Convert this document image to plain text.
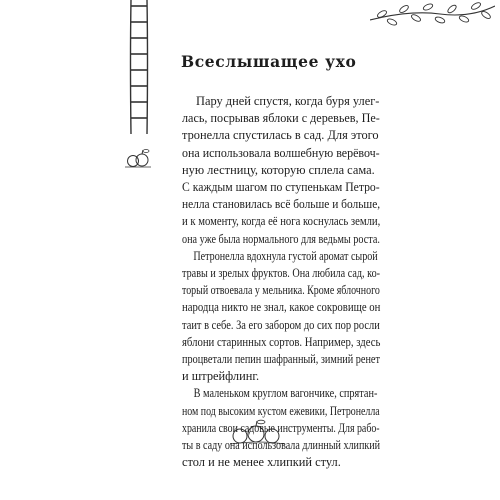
Всеслышащее ухо
Пару дней спустя, когда буря улег-
лась, посрывав яблоки с деревьев, Пе-
тронелла спустилась в сад. Для этого
она использовала волшебную верёвоч-
ную лестницу, которую сплела сама.
С каждым шагом по ступенькам Петро- нелла становилась всё больше и больше, и к моменту, когда её нога коснулась земли, она уже была нормального для ведьмы роста. Петронелла вдохнула густой аромат сырой травы и зрелых фруктов. Она любила сад, ко- торый отвоевала у мельника. Кроме яблочного народца никто не знал, какое сокровище он таит в себе. За его забором до сих пор росли яблони старинных сортов. Например, здесь процветали пепин шафранный, зимний ренет
и штрейфлинг.
В маленьком круглом вагончике, спрятан- ном под высоким кустом ежевики, Петронелла хранила свои садовые инструменты. Для рабо- ты в саду она использовала длинный хлипкий
стол и не менее хлипкий стул.
